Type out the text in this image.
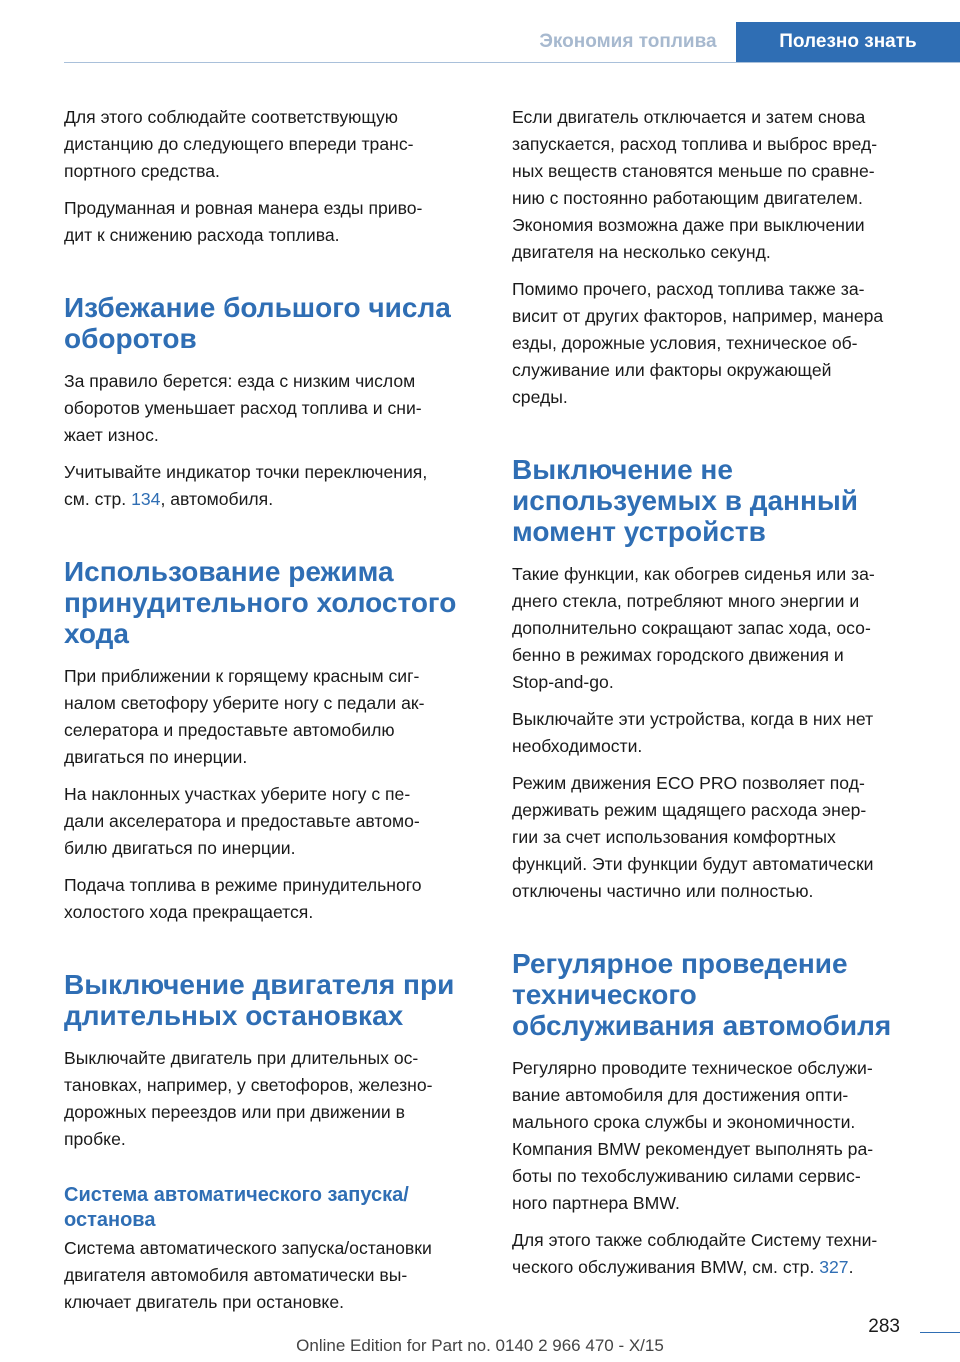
Экономия топлива	Полезно знать

Для этого соблюдайте соответствующую
дистанцию до следующего впереди транс-
портного средства.

Продуманная и ровная манера езды приво-
дит к снижению расхода топлива.

Избежание большого числа
оборотов

За правило берется: езда с низким числом
оборотов уменьшает расход топлива и сни-
жает износ.

Учитывайте индикатор точки переключения,
см. стр. 134, автомобиля.

Использование режима
принудительного холостого
хода

При приближении к горящему красным сиг-
налом светофору уберите ногу с педали ак-
селератора и предоставьте автомобилю
двигаться по инерции.

На наклонных участках уберите ногу с пе-
дали акселератора и предоставьте автомо-
билю двигаться по инерции.

Подача топлива в режиме принудительного
холостого хода прекращается.

Выключение двигателя при
длительных остановках

Выключайте двигатель при длительных ос-
тановках, например, у светофоров, железно-
дорожных переездов или при движении в
пробке.

Система автоматического запуска/
останова

Система автоматического запуска/остановки
двигателя автомобиля автоматически вы-
ключает двигатель при остановке.

Если двигатель отключается и затем снова
запускается, расход топлива и выброс вред-
ных веществ становятся меньше по сравне-
нию с постоянно работающим двигателем.
Экономия возможна даже при выключении
двигателя на несколько секунд.

Помимо прочего, расход топлива также за-
висит от других факторов, например, манера
езды, дорожные условия, техническое об-
служивание или факторы окружающей
среды.

Выключение не
используемых в данный
момент устройств

Такие функции, как обогрев сиденья или за-
днего стекла, потребляют много энергии и
дополнительно сокращают запас хода, осо-
бенно в режимах городского движения и
Stop-and-go.

Выключайте эти устройства, когда в них нет
необходимости.

Режим движения ECO PRO позволяет под-
держивать режим щадящего расхода энер-
гии за счет использования комфортных
функций. Эти функции будут автоматически
отключены частично или полностью.

Регулярное проведение
технического
обслуживания автомобиля

Регулярно проводите техническое обслужи-
вание автомобиля для достижения опти-
мального срока службы и экономичности.
Компания BMW рекомендует выполнять ра-
боты по техобслуживанию силами сервис-
ного партнера BMW.

Для этого также соблюдайте Систему техни-
ческого обслуживания BMW, см. стр. 327.

283
Online Edition for Part no. 0140 2 966 470 - X/15
